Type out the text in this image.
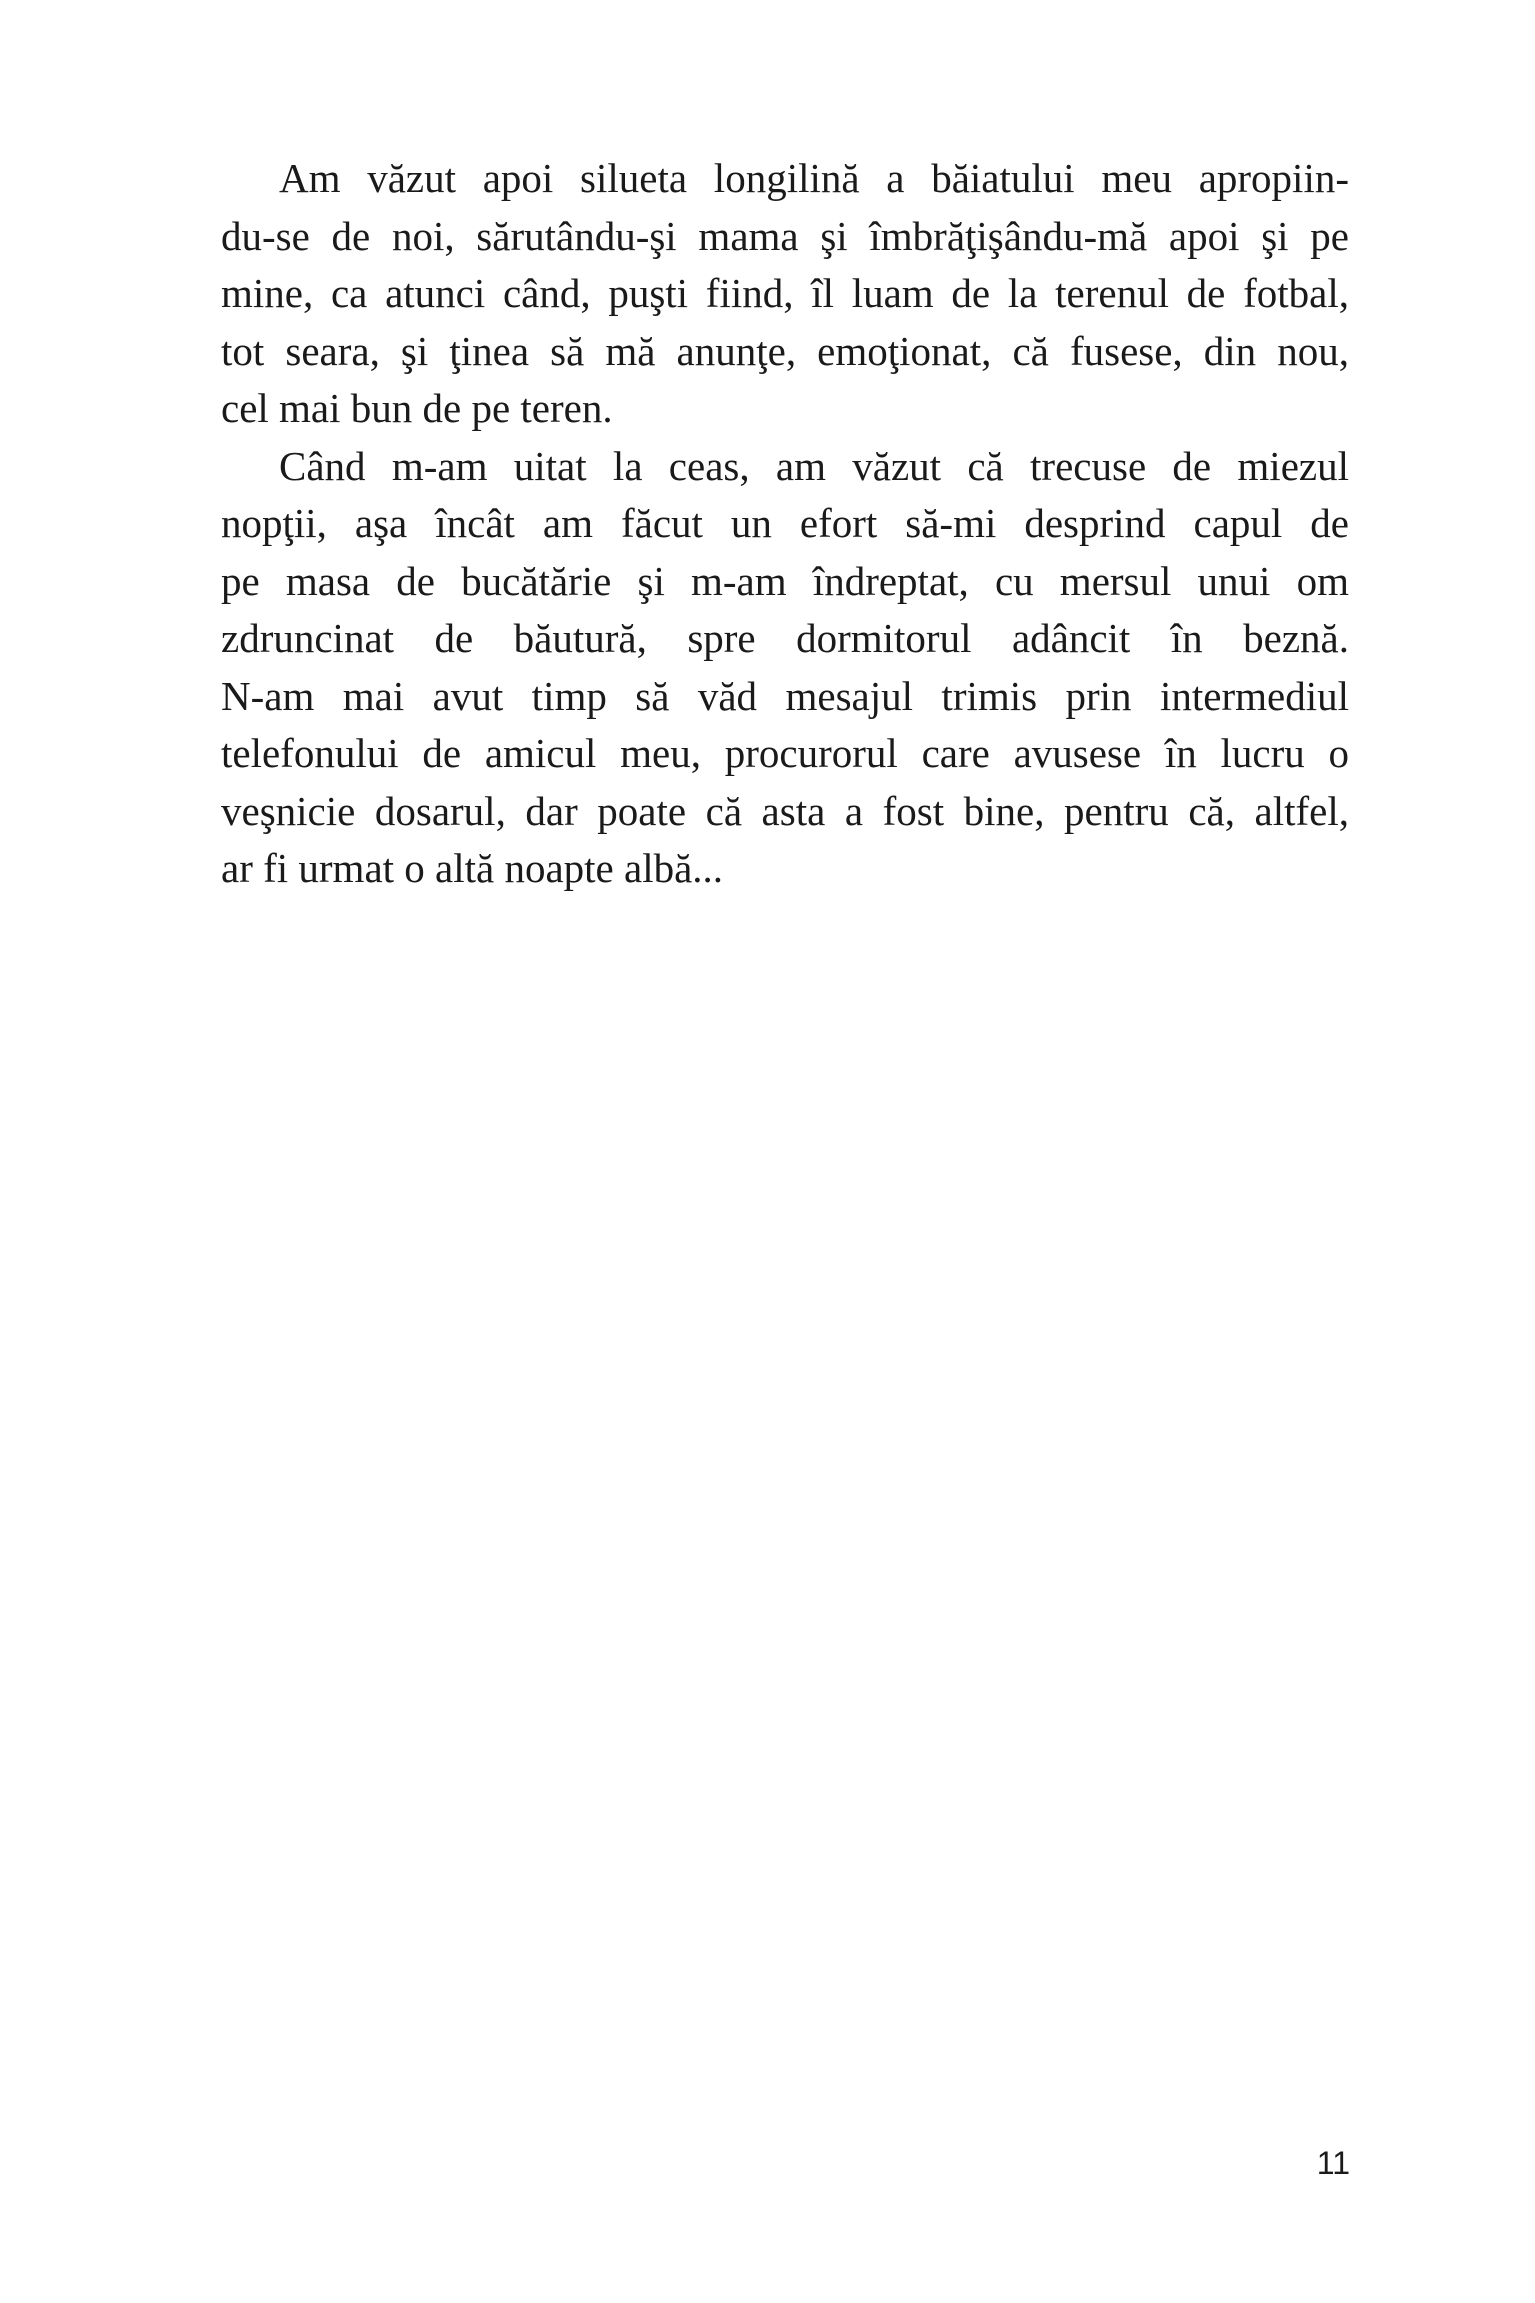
Am văzut apoi silueta longilină a băiatului meu apropiin-
du-se de noi, sărutându-şi mama şi îmbrăţişându-mă apoi şi pe
mine, ca atunci când, puşti fiind, îl luam de la terenul de fotbal,
tot seara, şi ţinea să mă anunţe, emoţionat, că fusese, din nou,
cel mai bun de pe teren.
Când m-am uitat la ceas, am văzut că trecuse de miezul
nopţii, aşa încât am făcut un efort să-mi desprind capul de
pe masa de bucătărie şi m-am îndreptat, cu mersul unui om
zdruncinat de băutură, spre dormitorul adâncit în beznă.
N-am mai avut timp să văd mesajul trimis prin intermediul
telefonului de amicul meu, procurorul care avusese în lucru o
veşnicie dosarul, dar poate că asta a fost bine, pentru că, altfel,
ar fi urmat o altă noapte albă...
11
